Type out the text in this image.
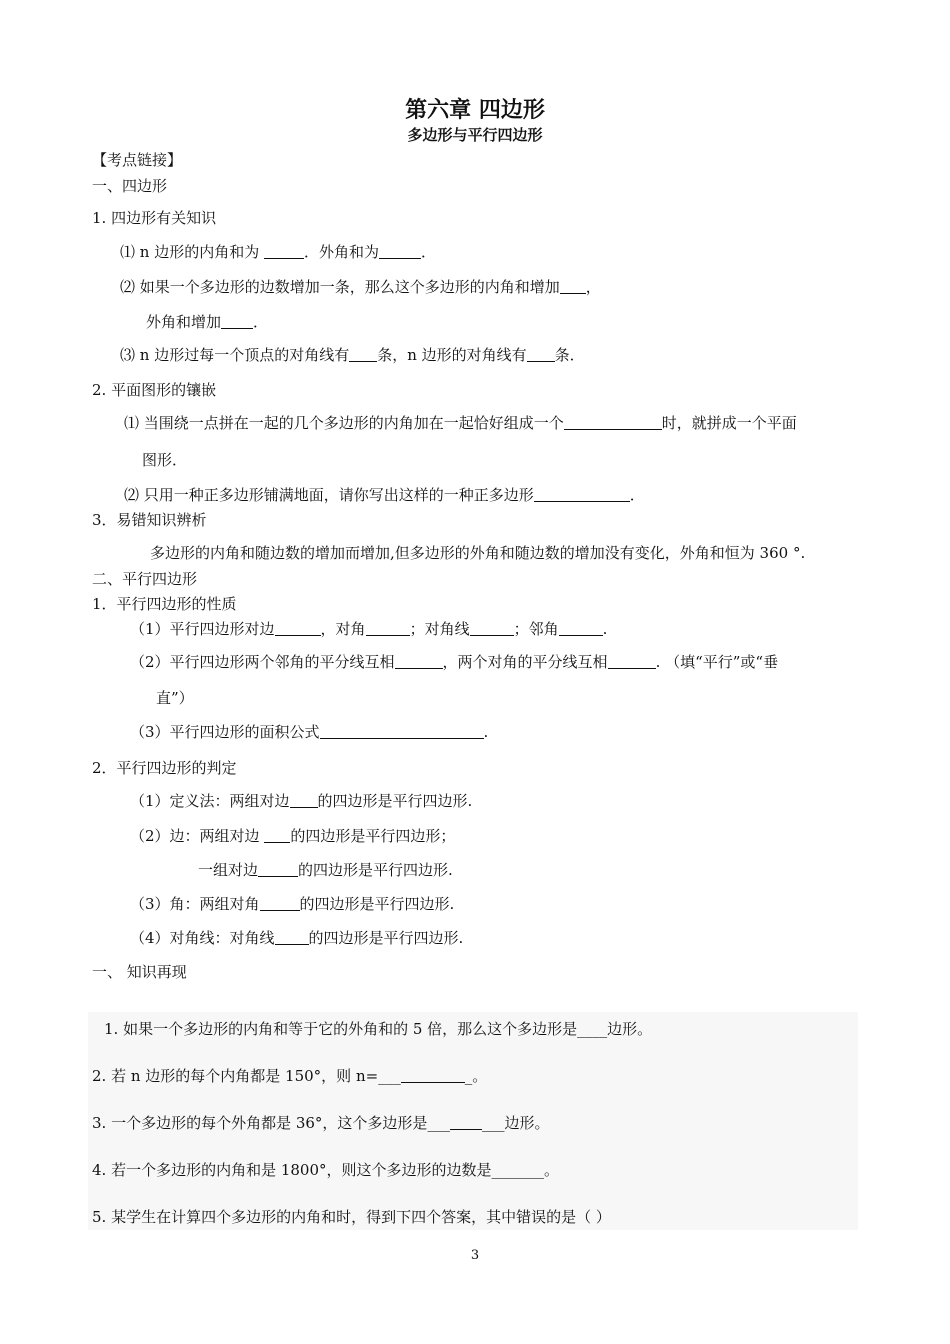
第六章 四边形
多边形与平行四边形
【考点链接】
一、四边形
1. 四边形有关知识
⑴ n 边形的内角和为	．外角和为	．
⑵ 如果一个多边形的边数增加一条，那么这个多边形的内角和增加 ，
外角和增加 ．
⑶ n 边形过每一个顶点的对角线有 条，n 边形的对角线有 条．
2. 平面图形的镶嵌
⑴ 当围绕一点拼在一起的几个多边形的内角加在一起恰好组成一个	时，就拼成一个平面
图形．
⑵ 只用一种正多边形铺满地面，请你写出这样的一种正多边形	．
3．易错知识辨析
多边形的内角和随边数的增加而增加,但多边形的外角和随边数的增加没有变化，外角和恒为 360 °.
二、平行四边形
1．平行四边形的性质
（1）平行四边形对边	，对角	；对角线	；邻角	.
（2）平行四边形两个邻角的平分线互相	，两个对角的平分线互相	. （填“平行”或“垂
直”）
（3）平行四边形的面积公式	.
2．平行四边形的判定
（1）定义法：两组对边 的四边形是平行四边形.
（2）边：两组对边 的四边形是平行四边形；
一组对边	的四边形是平行四边形.
（3）角：两组对角	的四边形是平行四边形.
（4）对角线：对角线 的四边形是平行四边形.
一、 知识再现
1. 如果一个多边形的内角和等于它的外角和的 5 倍，那么这个多边形是____边形。
2. 若 n 边形的每个内角都是 150°，则 n=___	_。
3. 一个多边形的每个外角都是 36°，这个多边形是___ ___边形。
4. 若一个多边形的内角和是 1800°，则这个多边形的边数是_______。
5. 某学生在计算四个多边形的内角和时，得到下四个答案，其中错误的是（ ）
3
